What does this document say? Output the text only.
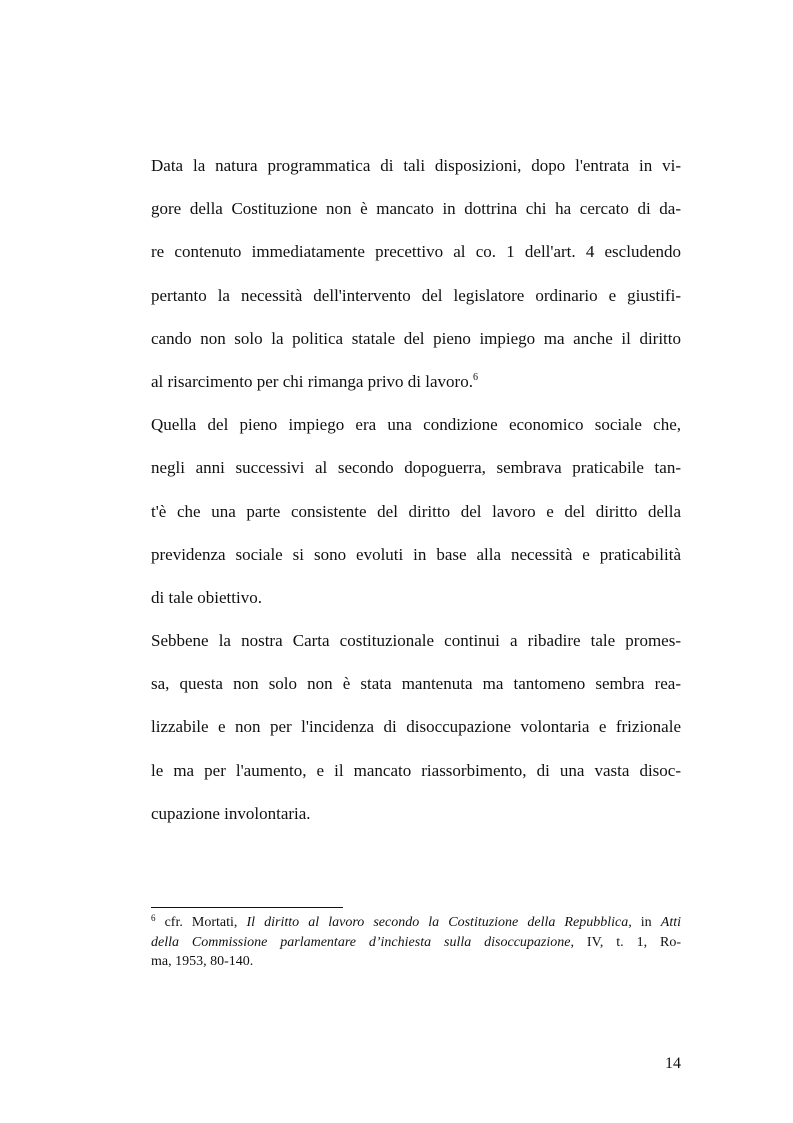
Data la natura programmatica di tali disposizioni, dopo l'entrata in vi-
gore della Costituzione non è mancato in dottrina chi ha cercato di da-
re contenuto immediatamente precettivo al co. 1 dell'art. 4 escludendo
pertanto la necessità dell'intervento del legislatore ordinario e giustifi-
cando non solo la politica statale del pieno impiego ma anche il diritto
al risarcimento per chi rimanga privo di lavoro.$^6$
Quella del pieno impiego era una condizione economico sociale che,
negli anni successivi al secondo dopoguerra, sembrava praticabile tan-
t'è che una parte consistente del diritto del lavoro e del diritto della
previdenza sociale si sono evoluti in base alla necessità e praticabilità
di tale obiettivo.
Sebbene la nostra Carta costituzionale continui a ribadire tale promes-
sa, questa non solo non è stata mantenuta ma tantomeno sembra rea-
lizzabile e non per l'incidenza di disoccupazione volontaria e frizionale
le ma per l'aumento, e il mancato riassorbimento, di una vasta disoc-
cupazione involontaria.
$^6$ cfr. Mortati, Il diritto al lavoro secondo la Costituzione della Repubblica, in Atti
della Commissione parlamentare d’inchiesta sulla disoccupazione, IV, t. 1, Ro-
ma, 1953, 80-140.
14
